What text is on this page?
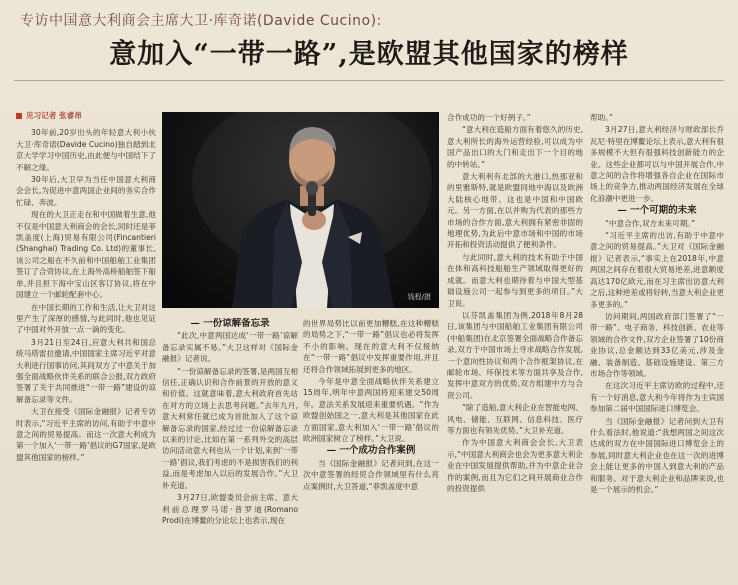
专访中国意大利商会主席大卫·库奇诺(Davide Cucino):
意加入“一带一路”,是欧盟其他国家的榜样

见习记者 张睿昂

30年前,20岁出头的年轻意大利小伙大卫·库奇诺(Davide Cucino)独自踏到北京大学学习中国历史,由此便与中国结下了不解之缘。

30年后,大卫早为当任中国意大利商会会长,为促进中意两国企业间的务实合作忙碌、奔波。

现在的大卫正走在和中国做着生意,他不仅是中国意大利商会的会长,同时还是菲凯盖度(上海)贸易有限公司(Fincantieri (Shanghai) Trading Co. Ltd)的董事长,该公司之船在不久前和中国船舶工业集团签订了合资协议,在上海外高桥船舶签下船单,并且担下海中宝山区客订协议,将在中国建立一个邮轮配套中心。

在中国长期的工作和生活,让大卫对这里产生了深厚的感情,与此同时,他也见证了中国对外开放一点一滴的变化。

3月21日至24日,应意大利共和国总统马塔雷拉邀请,中国国家主席习近平对意大利进行国事访问,其间双方了中意关于加强全面战略伙伴关系的联合公报,双方政府签署了关于共同推进“一带一路”建设的谅解备忘录等文件。

大卫在接受《国际金融报》记者专访时表示,“习近平主席的访问,有助于中意中意之间的贸易提高。而这一次意大利成为第一个加入‘一带一路’倡议的G7国家,是欧盟其他国家的榜样。”

钱程/摄

— 一份谅解备忘录

“此次,中意两国达成‘一带一路’谅解备忘录实属不易。”大卫这样对《国际金融报》记者说。

“一份谅解备忘录的签署,是两国互相信任,正确认识和合作前景的开放的意义和价值。这就意味着,意大利政府首先站在对方的立场上去思考问题。”去年九月,意大利常任就已成为首批加入了这个谅解备忘录的国家,经过过一份谅解备忘录以来的讨论,比如在第一系列外交的高层访问活动意大利也从一个计划,来到‘一带一路’倡议,我们考虑的不是损害我们的利益,而是考虑加入以后的发展合作。”大卫补充道。

3月27日,欧盟委员会前主席、意大利前总理罗马诺·普罗迪(Romano Prodi)在博鳌的分论坛上也表示,现在

的世界局势比以前更加糟糕,在这种糟糕的局势之下,“一带一路”倡议也必将发挥不小的影响。现在的意大利不仅接纳在“一带一路”倡议中发挥重要作用,并且还将合作领域拓展到更多的地区。

今年是中意全面战略伙伴关系建立15周年,明年中意两国将迎来建交50周年。意法关系发展迎来重要机遇。“作为欧盟创始国之一,意大利是其他国家在此方面国家,意大利加入‘一带一路’倡议的欧洲国家树立了榜样。”大卫说。

— 一个成功合作案例

当《国际金融报》记者问到,在这一次中意签署的经贸合作领域里有什么亮点案例时,大卫答道,“菲凯盖度中意

合作成功的一个好例子。”

“意大利在造船方面有着悠久的历史,意大利所长的海外运营经验,可以成为中国产品出口的大门和走出下一个目的地的中转站。”

意大利利有北部的大港口,热那亚和的里雅斯特,就是欧盟同地中海以及欧洲大陆核心地带。这也是中国和中国欧元。另一方面,在以并购为代表的那些方市场的合作方面,意大利拥有紧密非固的地理优势,为此后中意市场和中国的市场开拓和投资活动提供了便利条件。

与此同时,意大利的技术有助于中国在体和高科技船舶生产领域取得更好的成就。而意大利也期待着与中国大型基础设施公司一起参与到更多的项目。”大卫说。

以芬凯盖集团为例,2018年8月28日,该集团与中国船舶工业集团有限公司(中船集团)在北京签署全面战略合作备忘录,双方于中国市场上寻求战略合作发展,一个意向性协议和两个合作框架协议,在邮轮市场、环保技术等方面共享及合作,发挥中意双方的优势,双方组建中方与合资公司。

“除了造船,意大利企业在智能电网、风电、储能、互联网、信息科技、医疗等方面也有领先优势。”大卫补充道。

作为中国意大利商会会长,大卫表示,“中国意大利商会也会为更多意大利企业在中国发展提供帮助,并为中意企业合作的案例,而且为它们之间开展商业合作的投资提供

帮助。”

3月27日,意大利经济与财政部长乔瓦尼·特里在博鳌论坛上表示,意大利有很多规模不大但有很强科技创新能力的企业。这些企业都可以与中国开展合作,中意之间的合作将增强各自企业在国际市场上的竞争力,推动两国经济发展在全球化浪潮中更进一步。

— 一个可期的未来

“中意合作,双方未来可期。”

“习近平主席的出访,有助于中意中意之间的贸易提高。”大卫对《国际金融报》记者表示,“事实上在2018年,中意两国之间存在着很大贸易逆差,进意额度高达170亿欧元,而在习主席出访意大利之后,这种逆差或将好转,当意大利企业更多更多的。”

访问期间,两国政府部门签署了“一带一路”、电子商务、科技创新、农业等领域的合作文件,双方企业签署了10份商业协议,总金额达到33亿美元,涉及金融、装备制造、基础设施建设、第三方市场合作等领域。

在这次习近平主席访欧的过程中,还有一个好消息,意大利今年将作为主宾国参加第二届中国国际进口博览会。

当《国际金融报》记者问到大卫有什么看法时,他说道:“我想两国之间这次达成的双方在中国国际进口博览会上的参展,同时意大利企业也在这一次的进博会上能让更多的中国人到意大利的产品和服务。对于意大利企业和品牌来说,也是一个展示的机会。”
